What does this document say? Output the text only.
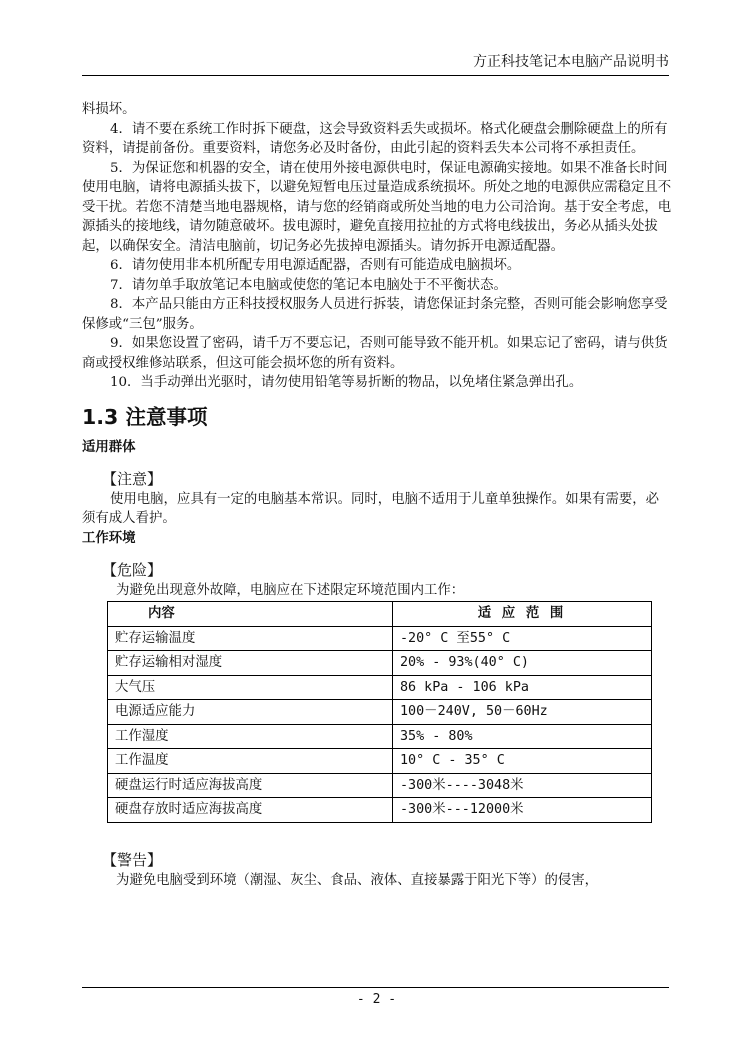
方正科技笔记本电脑产品说明书

料损坏。

4．请不要在系统工作时拆下硬盘，这会导致资料丢失或损坏。格式化硬盘会删除硬盘上的所有资料，请提前备份。重要资料，请您务必及时备份，由此引起的资料丢失本公司将不承担责任。

5．为保证您和机器的安全，请在使用外接电源供电时，保证电源确实接地。如果不准备长时间使用电脑，请将电源插头拔下，以避免短暂电压过量造成系统损坏。所处之地的电源供应需稳定且不受干扰。若您不清楚当地电器规格，请与您的经销商或所处当地的电力公司洽询。基于安全考虑，电源插头的接地线，请勿随意破坏。拔电源时，避免直接用拉扯的方式将电线拔出，务必从插头处拔起，以确保安全。清洁电脑前，切记务必先拔掉电源插头。请勿拆开电源适配器。

6．请勿使用非本机所配专用电源适配器，否则有可能造成电脑损坏。

7．请勿单手取放笔记本电脑或使您的笔记本电脑处于不平衡状态。

8．本产品只能由方正科技授权服务人员进行拆装，请您保证封条完整，否则可能会影响您享受保修或“三包”服务。

9．如果您设置了密码，请千万不要忘记，否则可能导致不能开机。如果忘记了密码，请与供货商或授权维修站联系，但这可能会损坏您的所有资料。

10．当手动弹出光驱时，请勿使用铅笔等易折断的物品，以免堵住紧急弹出孔。

1.3 注意事项
适用群体
【注意】

使用电脑，应具有一定的电脑基本常识。同时，电脑不适用于儿童单独操作。如果有需要，必须有成人看护。

工作环境
【危险】

为避免出现意外故障，电脑应在下述限定环境范围内工作：

内容	适 应 范 围
贮存运输温度	-20° C 至55° C
贮存运输相对湿度	20% - 93%(40° C)
大气压	86 kPa - 106 kPa
电源适应能力	100－240V, 50－60Hz
工作湿度	35% - 80%
工作温度	10° C - 35° C
硬盘运行时适应海拔高度	-300米----3048米
硬盘存放时适应海拔高度	-300米---12000米
【警告】

为避免电脑受到环境（潮湿、灰尘、食品、液体、直接暴露于阳光下等）的侵害，

- 2 -
